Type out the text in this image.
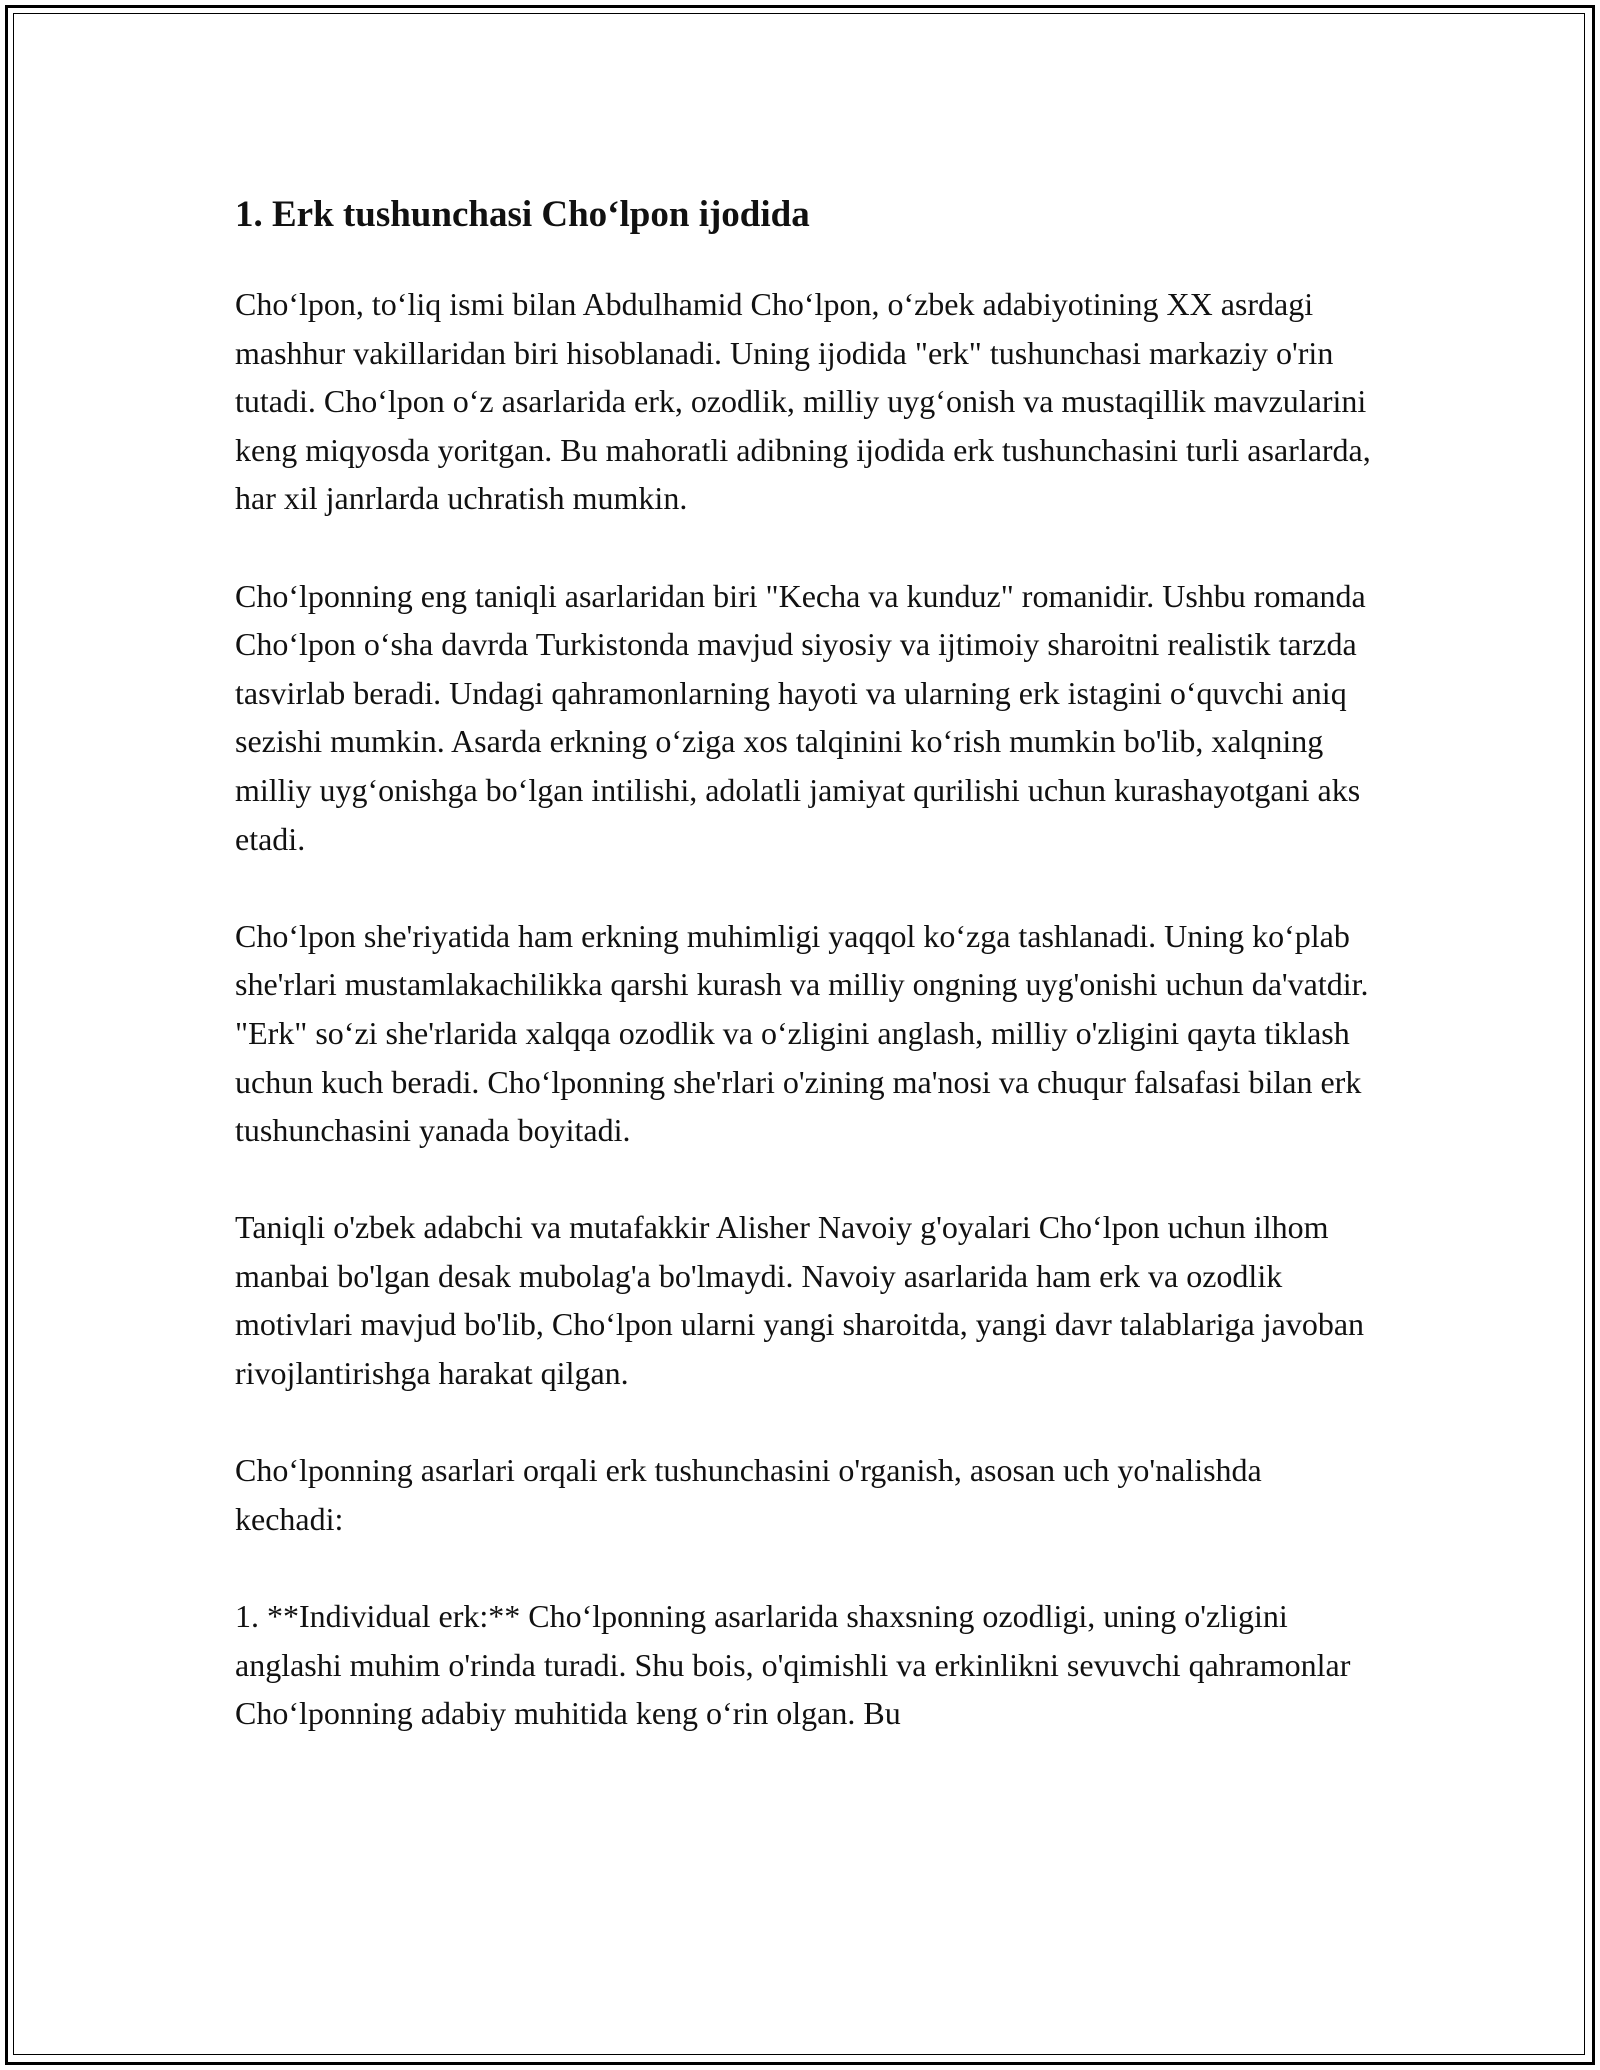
1. Erk tushunchasi Cho‘lpon ijodida

Cho‘lpon, to‘liq ismi bilan Abdulhamid Cho‘lpon, o‘zbek adabiyotining XX asrdagi mashhur vakillaridan biri hisoblanadi. Uning ijodida "erk" tushunchasi markaziy o'rin tutadi. Cho‘lpon o‘z asarlarida erk, ozodlik, milliy uyg‘onish va mustaqillik mavzularini keng miqyosda yoritgan. Bu mahoratli adibning ijodida erk tushunchasini turli asarlarda, har xil janrlarda uchratish mumkin.

Cho‘lponning eng taniqli asarlaridan biri "Kecha va kunduz" romanidir. Ushbu romanda Cho‘lpon o‘sha davrda Turkistonda mavjud siyosiy va ijtimoiy sharoitni realistik tarzda tasvirlab beradi. Undagi qahramonlarning hayoti va ularning erk istagini o‘quvchi aniq sezishi mumkin. Asarda erkning o‘ziga xos talqinini ko‘rish mumkin bo'lib, xalqning milliy uyg‘onishga bo‘lgan intilishi, adolatli jamiyat qurilishi uchun kurashayotgani aks etadi.

Cho‘lpon she'riyatida ham erkning muhimligi yaqqol ko‘zga tashlanadi. Uning ko‘plab she'rlari mustamlakachilikka qarshi kurash va milliy ongning uyg'onishi uchun da'vatdir. "Erk" so‘zi she'rlarida xalqqa ozodlik va o‘zligini anglash, milliy o'zligini qayta tiklash uchun kuch beradi. Cho‘lponning she'rlari o'zining ma'nosi va chuqur falsafasi bilan erk tushunchasini yanada boyitadi.

Taniqli o'zbek adabchi va mutafakkir Alisher Navoiy g'oyalari Cho‘lpon uchun ilhom manbai bo'lgan desak mubolag'a bo'lmaydi. Navoiy asarlarida ham erk va ozodlik motivlari mavjud bo'lib, Cho‘lpon ularni yangi sharoitda, yangi davr talablariga javoban rivojlantirishga harakat qilgan.

Cho‘lponning asarlari orqali erk tushunchasini o'rganish, asosan uch yo'nalishda kechadi:

1. **Individual erk:** Cho‘lponning asarlarida shaxsning ozodligi, uning o'zligini anglashi muhim o'rinda turadi. Shu bois, o'qimishli va erkinlikni sevuvchi qahramonlar Cho‘lponning adabiy muhitida keng o‘rin olgan. Bu
